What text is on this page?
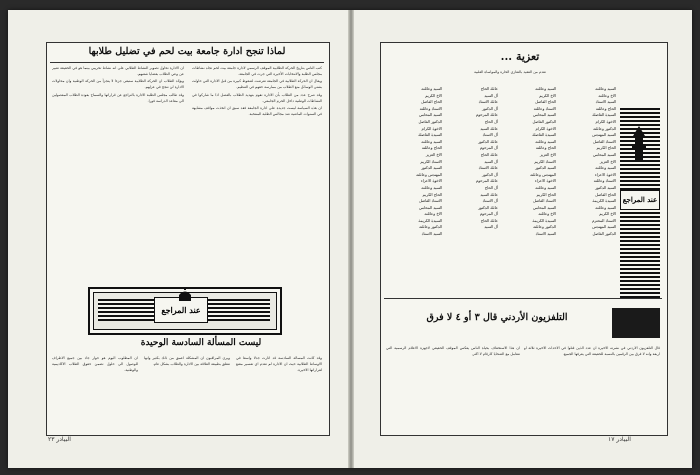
لماذا تنجح ادارة جامعة بيت لحم في تضليل طلابها

كتب الناس بتاريخ الحركة الطلابية الموقف الرسمي لادارة جامعة بيت لحم تجاه نشاطات مجلس الطلبة والانتخابات الأخيرة التي جرت في الجامعة.

ويقال ان الحركة الطلابية في الجامعة تعرضت لضغوط كبيرة من قبل الادارة التي حاولت بشتى الوسائل منع الطلاب من ممارسة حقهم في التنظيم.

وقد صرح عدد من الطلاب بأن الادارة تقوم بتهديد الطلاب بالفصل اذا ما شاركوا في النشاطات الوطنية داخل الحرم الجامعي.

ان هذه السياسة ليست جديدة على ادارة الجامعة فقد سبق ان اتخذت مواقف مشابهة في السنوات الماضية ضد مجالس الطلبة المنتخبة.

ان الادارة تحاول تصوير النشاط الطلابي على انه نشاط تخريبي بينما هو في الحقيقة تعبير عن وعي الطلاب بقضايا شعبهم.

ويؤكد الطلاب ان الحركة الطلابية ستبقى جزءا لا يتجزأ من الحركة الوطنية وان محاولات الادارة لن تنجح في عزلهم.

وقد طالب مجلس الطلبة الادارة بالتراجع عن قراراتها والسماح بعودة الطلاب المفصولين الى مقاعد الدراسة فورا.

عند المراجع
ليست المسألة السادسة الوحيدة

وقد كانت المسألة السادسة قد اثارت جدلا واسعا في الاوساط الطلابية حيث ان الادارة لم تقدم اي تفسير مقنع لقراراتها الاخيرة.

ويرى المراقبون ان المشكلة اعمق من ذلك بكثير وانها تتعلق بطبيعة العلاقة بين الادارة والطلاب بشكل عام.

ان المطلوب اليوم هو حوار جاد بين جميع الاطراف للوصول الى حلول تضمن حقوق الطلاب الاكاديمية والوطنية.

البيادر ٢٣
عند المراجع
تعزية ...
تقدم من الفقيد بالتعازي الحارة والمواساة القلبية
السيد وعائلته
الاخ وعائلته
السيد الاستاذ
الحاج وعائلته
السيدة الفاضلة
الاخوة الكرام
الدكتور وعائلته
السيد المهندس
الاستاذ الفاضل
الحاج الكريم
السيد المحامي
الاخ العزيز
السيد وعائلته
الاخوة الاعزاء
الاستاذ وعائلته
السيد الدكتور
الحاج الفاضل
السيدة الكريمة
السيد وعائلته
الاخ الكريم
الاستاذ المحترم
السيد المهندس
الدكتور الفاضل
السيد وعائلته
الاخ الكريم
الحاج الفاضل
الاستاذ وعائلته
السيد المحامي
الدكتور الفاضل
الاخوة الكرام
السيدة الفاضلة
السيد وعائلته
الحاج وعائلته
الاخ العزيز
الاستاذ الكريم
السيد الدكتور
المهندس وعائلته
الاخوة الاعزاء
السيد وعائلته
الحاج الكريم
الاستاذ الفاضل
السيد المحامي
الاخ وعائلته
السيدة الكريمة
الدكتور وعائلته
السيد الاستاذ
عائلة الحاج
آل السيد
عائلة الاستاذ
آل الدكتور
عائلة المرحوم
آل الحاج
عائلة السيد
آل الاستاذ
عائلة الدكتور
آل المرحوم
عائلة الحاج
آل السيد
عائلة الاستاذ
آل الدكتور
عائلة المرحوم
آل الحاج
عائلة السيد
آل الاستاذ
عائلة الدكتور
آل المرحوم
عائلة الحاج
آل السيد
السيد وعائلته
الاخ الكريم
الحاج الفاضل
الاستاذ وعائلته
السيد المحامي
الدكتور الفاضل
الاخوة الكرام
السيدة الفاضلة
السيد وعائلته
الحاج وعائلته
الاخ العزيز
الاستاذ الكريم
السيد الدكتور
المهندس وعائلته
الاخوة الاعزاء
السيد وعائلته
الحاج الكريم
الاستاذ الفاضل
السيد المحامي
الاخ وعائلته
السيدة الكريمة
الدكتور وعائلته
السيد الاستاذ
التلفزيون الأردني قال ٣ أو ٤ لا فرق

قال التلفزيون الاردني في نشرته الاخيرة ان عدد الذين قتلوا في الاحداث الاخيرة ثلاثة او اربعة وانه لا فرق بين الرقمين بالنسبة للحقيقة التي يعرفها الجميع.

ان هذا الاستخفاف بحياة الناس يعكس الموقف الحقيقي لاجهزة الاعلام الرسمية التي تتعامل مع الضحايا كارقام لا اكثر.

البيادر ١٧
